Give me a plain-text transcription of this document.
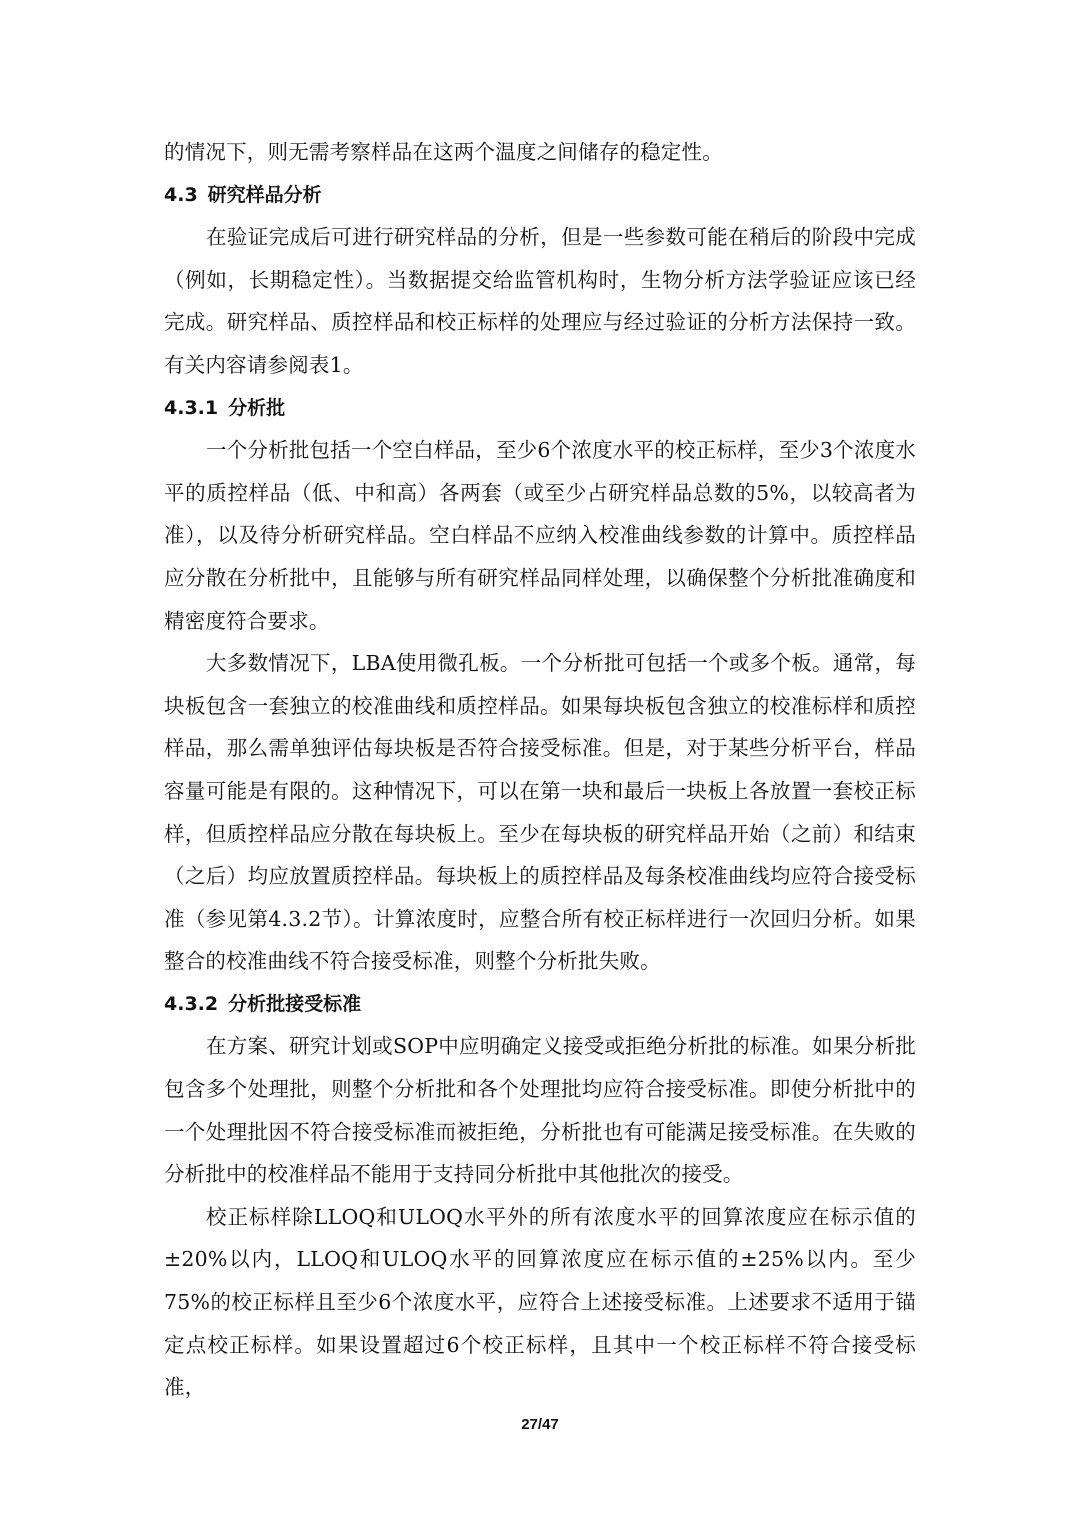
的情况下，则无需考察样品在这两个温度之间储存的稳定性。

4.3 研究样品分析

在验证完成后可进行研究样品的分析，但是一些参数可能在稍后的阶段中完成（例如，长期稳定性）。当数据提交给监管机构时，生物分析方法学验证应该已经完成。研究样品、质控样品和校正标样的处理应与经过验证的分析方法保持一致。有关内容请参阅表1。

4.3.1 分析批

一个分析批包括一个空白样品，至少6个浓度水平的校正标样，至少3个浓度水平的质控样品（低、中和高）各两套（或至少占研究样品总数的5%，以较高者为准），以及待分析研究样品。空白样品不应纳入校准曲线参数的计算中。质控样品应分散在分析批中，且能够与所有研究样品同样处理，以确保整个分析批准确度和精密度符合要求。

大多数情况下，LBA使用微孔板。一个分析批可包括一个或多个板。通常，每块板包含一套独立的校准曲线和质控样品。如果每块板包含独立的校准标样和质控样品，那么需单独评估每块板是否符合接受标准。但是，对于某些分析平台，样品容量可能是有限的。这种情况下，可以在第一块和最后一块板上各放置一套校正标样，但质控样品应分散在每块板上。至少在每块板的研究样品开始（之前）和结束（之后）均应放置质控样品。每块板上的质控样品及每条校准曲线均应符合接受标准（参见第4.3.2节）。计算浓度时，应整合所有校正标样进行一次回归分析。如果整合的校准曲线不符合接受标准，则整个分析批失败。

4.3.2 分析批接受标准

在方案、研究计划或SOP中应明确定义接受或拒绝分析批的标准。如果分析批包含多个处理批，则整个分析批和各个处理批均应符合接受标准。即使分析批中的一个处理批因不符合接受标准而被拒绝，分析批也有可能满足接受标准。在失败的分析批中的校准样品不能用于支持同分析批中其他批次的接受。

校正标样除LLOQ和ULOQ水平外的所有浓度水平的回算浓度应在标示值的±20%以内，LLOQ和ULOQ水平的回算浓度应在标示值的±25%以内。至少75%的校正标样且至少6个浓度水平，应符合上述接受标准。上述要求不适用于锚定点校正标样。如果设置超过6个校正标样，且其中一个校正标样不符合接受标准，

27/47
